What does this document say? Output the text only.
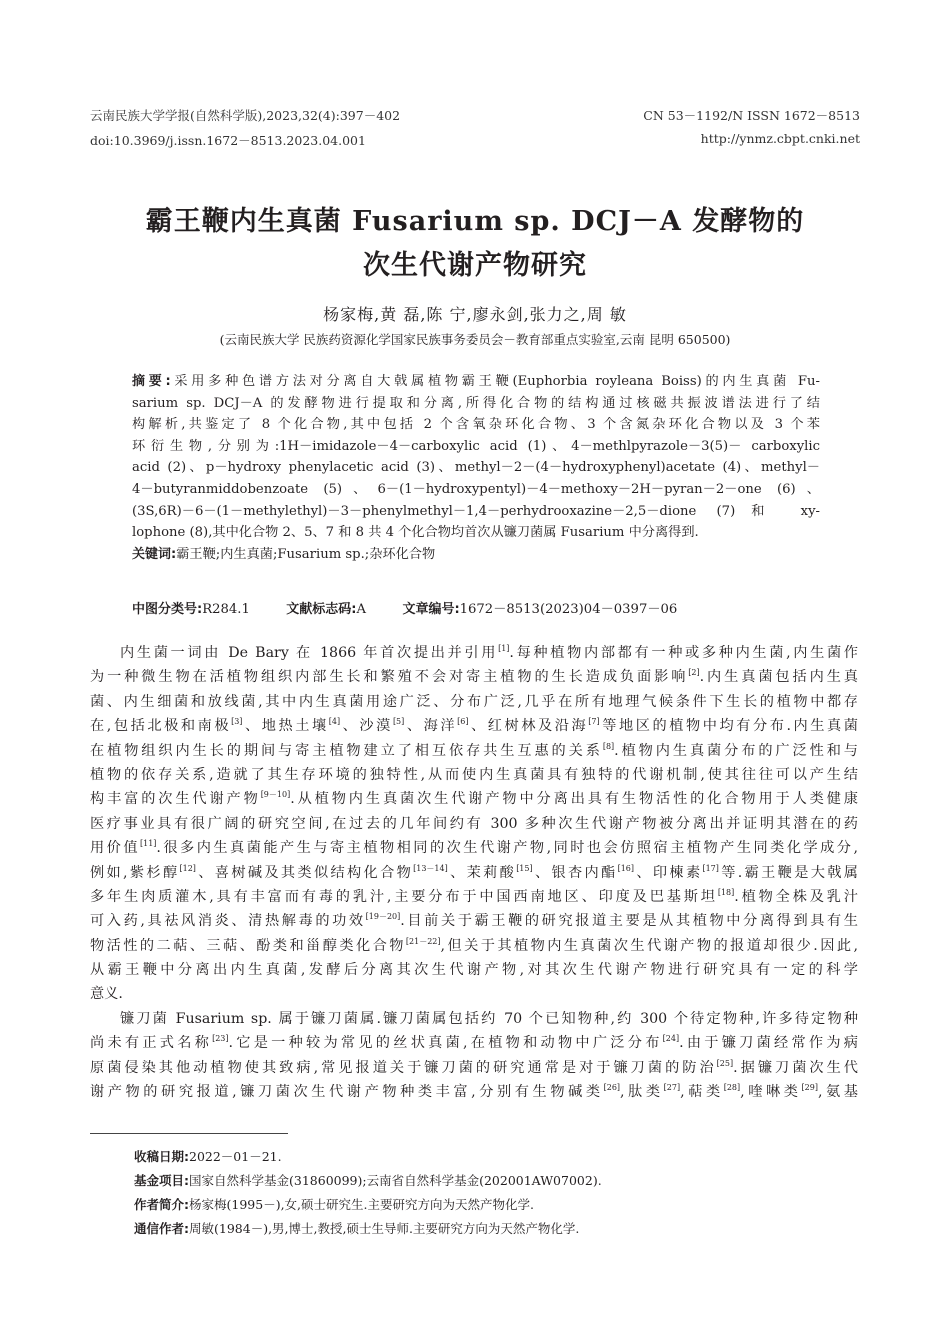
云南民族大学学报(自然科学版),2023,32(4):397－402
doi:10.3969/j.issn.1672－8513.2023.04.001
CN 53－1192/N ISSN 1672－8513
http://ynmz.cbpt.cnki.net
霸王鞭内生真菌 Fusarium sp. DCJ－A 发酵物的
次生代谢产物研究
杨家梅,黄 磊,陈 宁,廖永剑,张力之,周 敏
(云南民族大学 民族药资源化学国家民族事务委员会－教育部重点实验室,云南 昆明 650500)
摘要:采用多种色谱方法对分离自大戟属植物霸王鞭(Euphorbia royleana Boiss)的内生真菌 Fu-
sarium sp. DCJ－A 的发酵物进行提取和分离,所得化合物的结构通过核磁共振波谱法进行了结
构解析,共鉴定了 8 个化合物,其中包括 2 个含氧杂环化合物、3 个含氮杂环化合物以及 3 个苯
环衍生物,分别为:1H－imidazole－4－carboxylic acid (1)、4－methlpyrazole－3(5)－ carboxylic
acid (2)、p－hydroxy phenylacetic acid (3)、methyl－2－(4－hydroxyphenyl)acetate (4)、methyl－
4－butyranmiddobenzoate (5)、6－(1－hydroxypentyl)－4－methoxy－2H－pyran－2－one (6)、
(3S,6R)－6－(1－methylethyl)－3－phenylmethyl－1,4－perhydrooxazine－2,5－dione (7)和 xy-
lophone (8),其中化合物 2、5、7 和 8 共 4 个化合物均首次从镰刀菌属 Fusarium 中分离得到.
关键词:霸王鞭;内生真菌;Fusarium sp.;杂环化合物
中图分类号:R284.1	文献标志码:A	文章编号:1672－8513(2023)04－0397－06
内生菌一词由 De Bary 在 1866 年首次提出并引用[1].每种植物内部都有一种或多种内生菌,内生菌作
为一种微生物在活植物组织内部生长和繁殖不会对寄主植物的生长造成负面影响[2].内生真菌包括内生真
菌、内生细菌和放线菌,其中内生真菌用途广泛、分布广泛,几乎在所有地理气候条件下生长的植物中都存
在,包括北极和南极[3]、地热土壤[4]、沙漠[5]、海洋[6]、红树林及沿海[7]等地区的植物中均有分布.内生真菌
在植物组织内生长的期间与寄主植物建立了相互依存共生互惠的关系[8].植物内生真菌分布的广泛性和与
植物的依存关系,造就了其生存环境的独特性,从而使内生真菌具有独特的代谢机制,使其往往可以产生结
构丰富的次生代谢产物[9－10].从植物内生真菌次生代谢产物中分离出具有生物活性的化合物用于人类健康
医疗事业具有很广阔的研究空间,在过去的几年间约有 300 多种次生代谢产物被分离出并证明其潜在的药
用价值[11].很多内生真菌能产生与寄主植物相同的次生代谢产物,同时也会仿照宿主植物产生同类化学成分,
例如,紫杉醇[12]、喜树碱及其类似结构化合物[13－14]、茉莉酸[15]、银杏内酯[16]、印楝素[17]等.霸王鞭是大戟属
多年生肉质灌木,具有丰富而有毒的乳汁,主要分布于中国西南地区、印度及巴基斯坦[18].植物全株及乳汁
可入药,具祛风消炎、清热解毒的功效[19－20].目前关于霸王鞭的研究报道主要是从其植物中分离得到具有生
物活性的二萜、三萜、酚类和甾醇类化合物[21－22],但关于其植物内生真菌次生代谢产物的报道却很少.因此,
从霸王鞭中分离出内生真菌,发酵后分离其次生代谢产物,对其次生代谢产物进行研究具有一定的科学
意义.
镰刀菌 Fusarium sp. 属于镰刀菌属.镰刀菌属包括约 70 个已知物种,约 300 个待定物种,许多待定物种
尚未有正式名称[23].它是一种较为常见的丝状真菌,在植物和动物中广泛分布[24].由于镰刀菌经常作为病
原菌侵染其他动植物使其致病,常见报道关于镰刀菌的研究通常是对于镰刀菌的防治[25].据镰刀菌次生代
谢产物的研究报道,镰刀菌次生代谢产物种类丰富,分别有生物碱类[26],肽类[27],萜类[28],喹啉类[29],氨基
收稿日期:2022－01－21.
基金项目:国家自然科学基金(31860099);云南省自然科学基金(202001AW07002).
作者简介:杨家梅(1995－),女,硕士研究生.主要研究方向为天然产物化学.
通信作者:周敏(1984－),男,博士,教授,硕士生导师.主要研究方向为天然产物化学.
